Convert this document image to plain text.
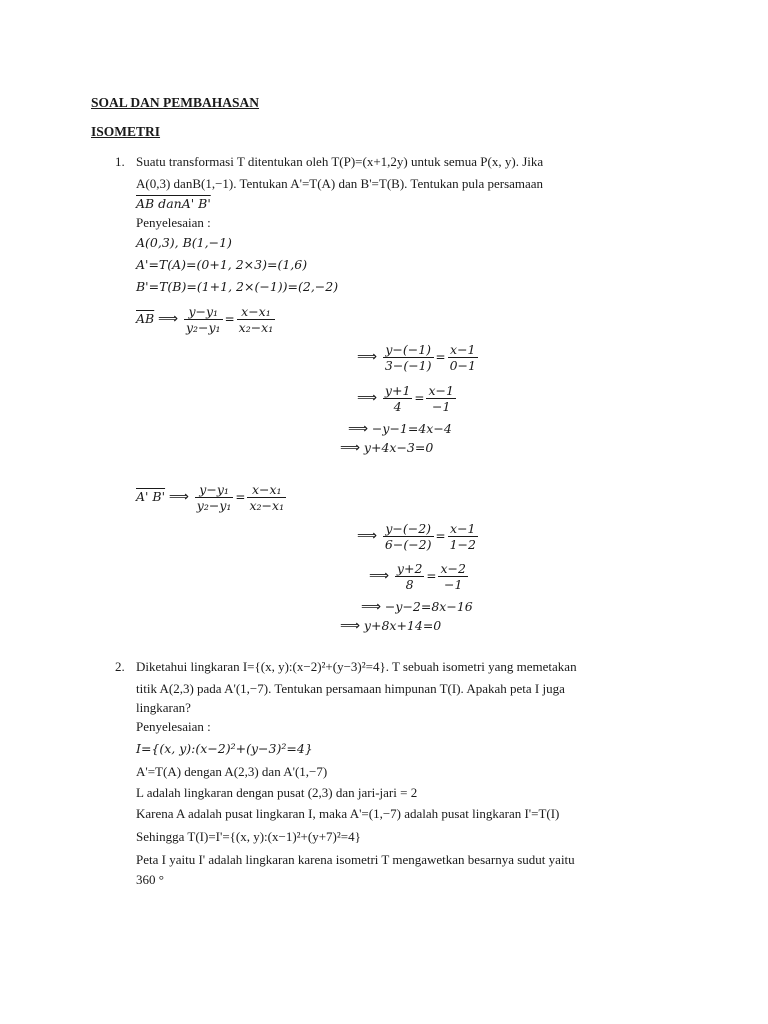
SOAL DAN PEMBAHASAN
ISOMETRI
1. Suatu transformasi T ditentukan oleh T(P)=(x+1,2y) untuk semua P(x, y). Jika
A(0,3) danB(1,−1). Tentukan A'=T(A) dan B'=T(B). Tentukan pula persamaan
AB danA' B'
Penyelesaian :
A(0,3), B(1,−1)
A'=T(A)=(0+1, 2×3)=(1,6)
B'=T(B)=(1+1, 2×(−1))=(2,−2)
$\overline{AB}$ ⟹ $\frac{\text{y−y₁}}{\text{y₂−y₁}} = \frac{\text{x−x₁}}{\text{x₂−x₁}}$
⟹ $\frac{y-(-1)}{3-(-1)} = \frac{x-1}{0-1}$
⟹ $\frac{y+1}{4} = \frac{x-1}{-1}$
⟹ −y−1=4x−4
⟹ y+4x−3=0
A' B' ⟹ $\frac{\text{y−y₁}}{\text{y₂−y₁}} = \frac{\text{x−x₁}}{\text{x₂−x₁}}$
⟹ $\frac{y-(-2)}{6-(-2)} = \frac{x-1}{1-2}$
⟹ $\frac{y+2}{8} = \frac{x-2}{-1}$
⟹ −y−2=8x−16
⟹ y+8x+14=0
2. Diketahui lingkaran I={(x, y):(x−2)²+(y−3)²=4}. T sebuah isometri yang memetakan
titik A(2,3) pada A'(1,−7). Tentukan persamaan himpunan T(I). Apakah peta I juga
lingkaran?
Penyelesaian :
I={(x, y):(x−2)²+(y−3)²=4}
A'=T(A) dengan A(2,3) dan A'(1,−7)
L adalah lingkaran dengan pusat (2,3) dan jari-jari = 2
Karena A adalah pusat lingkaran I, maka A'=(1,−7) adalah pusat lingkaran I'=T(I)
Sehingga T(I)=I'={(x, y):(x−1)²+(y+7)²=4}
Peta I yaitu I' adalah lingkaran karena isometri T mengawetkan besarnya sudut yaitu
360 °
